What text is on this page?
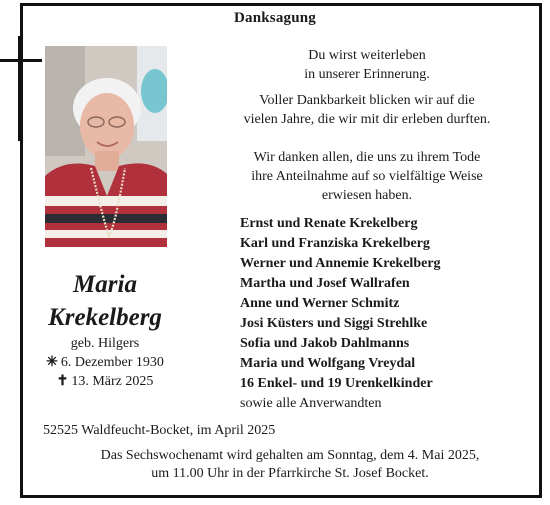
Danksagung
Du wirst weiterleben
in unserer Erinnerung.
Voller Dankbarkeit blicken wir auf die
vielen Jahre, die wir mit dir erleben durften.
Wir danken allen, die uns zu ihrem Tode
ihre Anteilnahme auf so vielfältige Weise
erwiesen haben.
Maria
Krekelberg
geb. Hilgers
✳ 6. Dezember 1930
✝ 13. März 2025
Ernst und Renate Krekelberg
Karl und Franziska Krekelberg
Werner und Annemie Krekelberg
Martha und Josef Wallrafen
Anne und Werner Schmitz
Josi Küsters und Siggi Strehlke
Sofia und Jakob Dahlmanns
Maria und Wolfgang Vreydal
16 Enkel- und 19 Urenkelkinder
sowie alle Anverwandten
52525 Waldfeucht-Bocket, im April 2025
Das Sechswochenamt wird gehalten am Sonntag, dem 4. Mai 2025,
um 11.00 Uhr in der Pfarrkirche St. Josef Bocket.
